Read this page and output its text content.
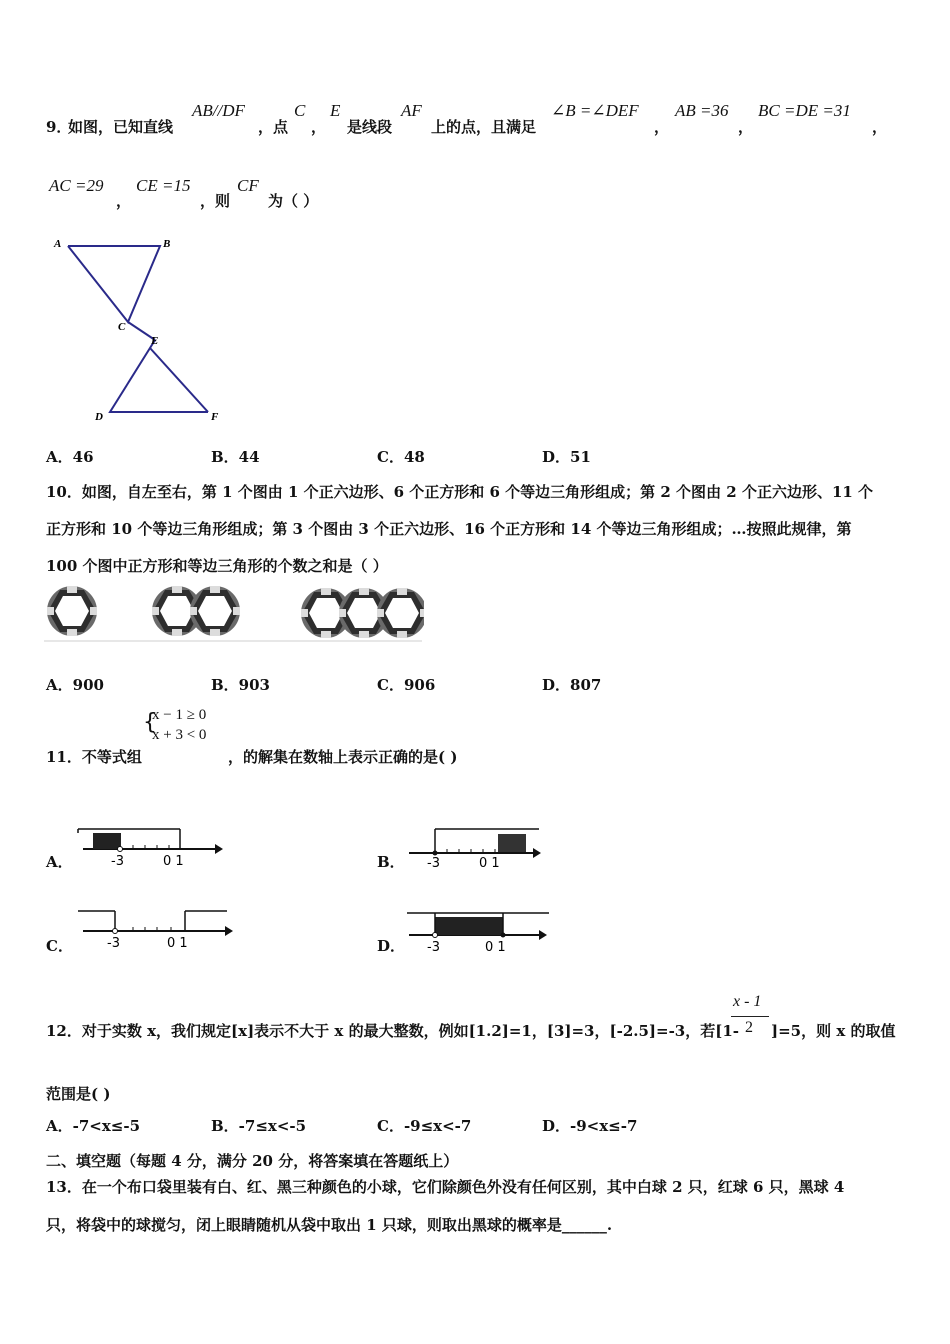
9．
如图，已知直线
AB//DF
，点
C
，
E
是线段
AF
上的点，且满足
∠B =∠DEF
，
AB =36
，
BC =DE =31
，
AC =29
，
CE =15
，则
CF
为（ ）
A	B
C
E
D	F
A．46	B．44	C．48	D．51
10．如图，自左至右，第 1 个图由 1 个正六边形、6 个正方形和 6 个等边三角形组成；第 2 个图由 2 个正六边形、11 个
正方形和 10 个等边三角形组成；第 3 个图由 3 个正六边形、16 个正方形和 14 个等边三角形组成；…按照此规律，第
100 个图中正方形和等边三角形的个数之和是（ ）
A．900	B．903	C．906	D．807
{
x − 1 ≥ 0
x + 3 < 0
11．不等式组	，的解集在数轴上表示正确的是( )
A．	-3	0 1	B． -3	0 1
C．	-3	0 1	D． -3	0 1
12．对于实数 x，我们规定[x]表示不大于 x 的最大整数，例如[1.2]=1，[3]=3，[-2.5]=-3，若[1-
x - 1
2 ]=5，则 x 的取值
范围是( )
A．-7<x≤-5	B．-7≤x<-5	C．-9≤x<-7	D．-9<x≤-7
二、填空题（每题 4 分，满分 20 分，将答案填在答题纸上）
13．在一个布口袋里装有白、红、黑三种颜色的小球，它们除颜色外没有任何区别，其中白球 2 只，红球 6 只，黑球 4
只，将袋中的球搅匀，闭上眼睛随机从袋中取出 1 只球，则取出黑球的概率是______.
